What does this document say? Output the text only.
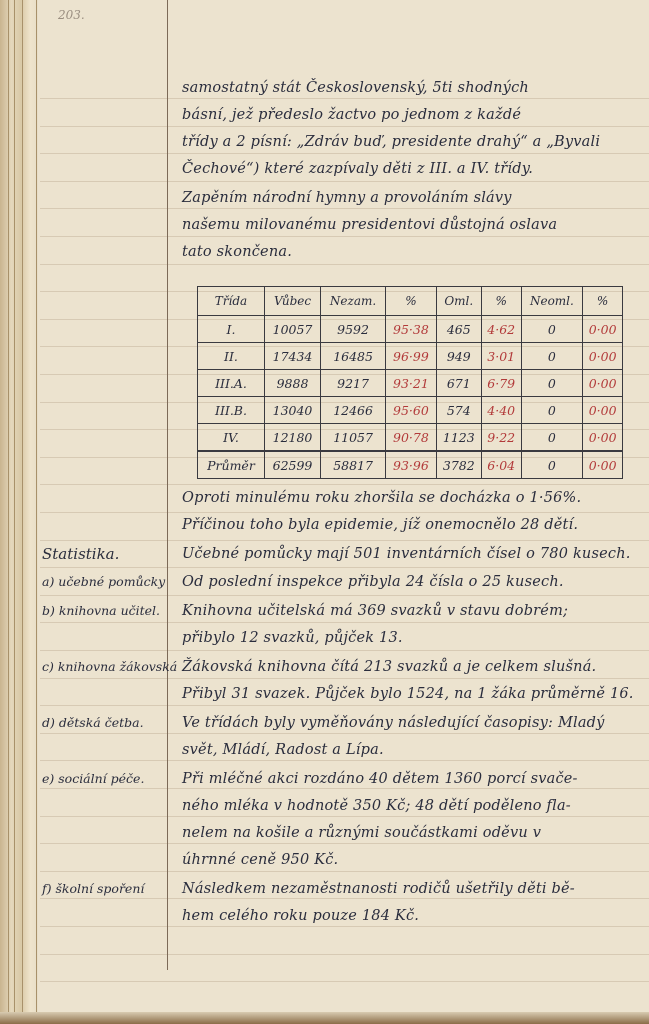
203.
samostatný stát Československý, 5ti shodných
básní, jež předeslo žactvo po jednom z každé
třídy a 2 písní: „Zdráv buď, presidente drahý“ a „Byvali
Čechové“) které zazpívaly děti z III. a IV. třídy.
Zapěním národní hymny a provoláním slávy
našemu milovanému presidentovi důstojná oslava
tato skončena.
Třída	Vůbec	Nezam.	%	Oml.	%	Neoml.	%
I.	10057	9592	95·38	465	4·62	0	0·00
II.	17434	16485	96·99	949	3·01	0	0·00
III.A.	9888	9217	93·21	671	6·79	0	0·00
III.B.	13040	12466	95·60	574	4·40	0	0·00
IV.	12180	11057	90·78	1123	9·22	0	0·00
Průměr	62599	58817	93·96	3782	6·04	0	0·00
Oproti minulému roku zhoršila se docházka o 1·56%.
Příčinou toho byla epidemie, jíž onemocnělo 28 dětí.
Statistika.
a) učebné pomůcky
Učebné pomůcky mají 501 inventárních čísel o 780 kusech.
Od poslední inspekce přibyla 24 čísla o 25 kusech.
b) knihovna učitel. Knihovna učitelská má 369 svazků v stavu dobrém;
přibylo 12 svazků, půjček 13.
c) knihovna žákovská Žákovská knihovna čítá 213 svazků a je celkem slušná.
Přibyl 31 svazek. Půjček bylo 1524, na 1 žáka průměrně 16.
d) dětská četba.	Ve třídách byly vyměňovány následující časopisy: Mladý
svět, Mládí, Radost a Lípa.
e) sociální péče.	Při mléčné akci rozdáno 40 dětem 1360 porcí svače-
ného mléka v hodnotě 350 Kč; 48 dětí poděleno fla-
nelem na košile a různými součástkami oděvu v
úhrnné ceně 950 Kč.
f) školní spoření	Následkem nezaměstnanosti rodičů ušetřily děti bě-
hem celého roku pouze 184 Kč.
